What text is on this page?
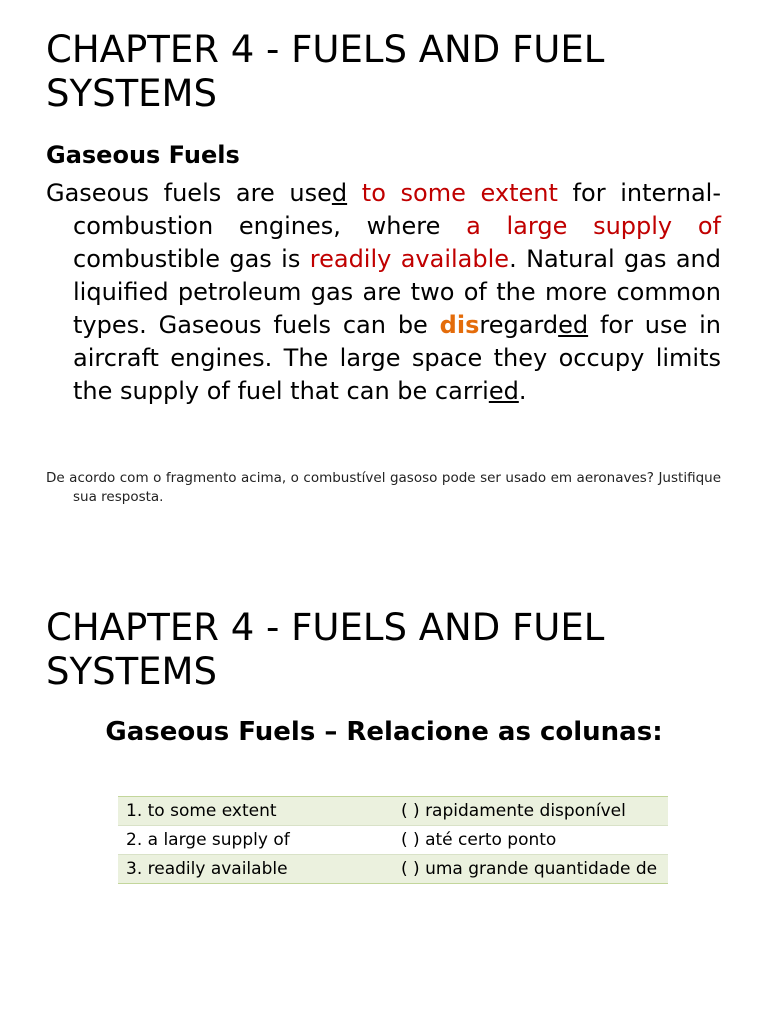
CHAPTER 4 - FUELS AND FUEL SYSTEMS
Gaseous Fuels

Gaseous fuels are used to some extent for internal-combustion engines, where a large supply of combustible gas is readily available. Natural gas and liquified petroleum gas are two of the more common types. Gaseous fuels can be disregarded for use in aircraft engines. The large space they occupy limits the supply of fuel that can be carried.

De acordo com o fragmento acima, o combustível gasoso pode ser usado em aeronaves? Justifique sua resposta.

CHAPTER 4 - FUELS AND FUEL SYSTEMS
Gaseous Fuels – Relacione as colunas:
1. to some extent	( ) rapidamente disponível
2. a large supply of	( ) até certo ponto
3. readily available	( ) uma grande quantidade de
